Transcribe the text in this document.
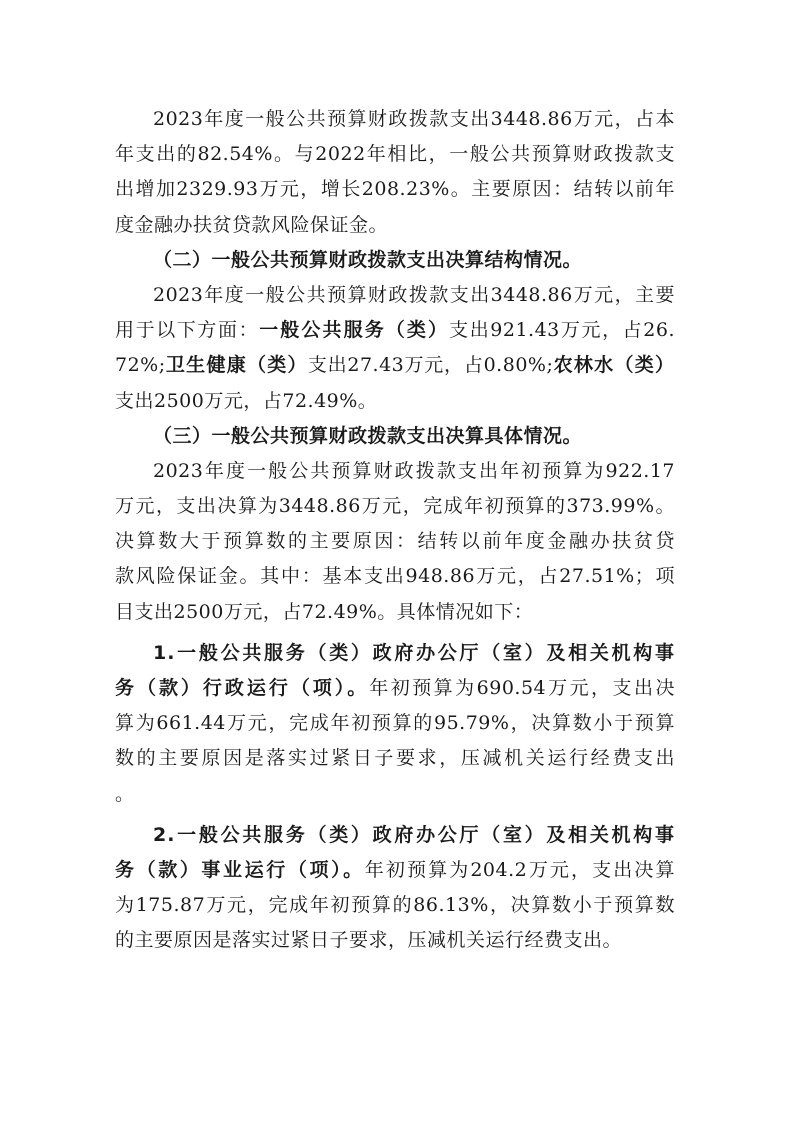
2023年度一般公共预算财政拨款支出3448.86万元，占本
年支出的82.54%。与2022年相比，一般公共预算财政拨款支
出增加2329.93万元，增长208.23%。主要原因：结转以前年
度金融办扶贫贷款风险保证金。
（二）一般公共预算财政拨款支出决算结构情况。
2023年度一般公共预算财政拨款支出3448.86万元，主要
用于以下方面：一般公共服务（类）支出921.43万元，占26.
72%;卫生健康（类）支出27.43万元，占0.80%;农林水（类）
支出2500万元，占72.49%。
（三）一般公共预算财政拨款支出决算具体情况。
2023年度一般公共预算财政拨款支出年初预算为922.17
万元，支出决算为3448.86万元，完成年初预算的373.99%。
决算数大于预算数的主要原因：结转以前年度金融办扶贫贷
款风险保证金。其中：基本支出948.86万元，占27.51%；项
目支出2500万元，占72.49%。具体情况如下：
1.一般公共服务（类）政府办公厅（室）及相关机构事
务（款）行政运行（项）。年初预算为690.54万元，支出决
算为661.44万元，完成年初预算的95.79%，决算数小于预算
数的主要原因是落实过紧日子要求，压减机关运行经费支出
。
2.一般公共服务（类）政府办公厅（室）及相关机构事
务（款）事业运行（项）。年初预算为204.2万元，支出决算
为175.87万元，完成年初预算的86.13%，决算数小于预算数
的主要原因是落实过紧日子要求，压减机关运行经费支出。
